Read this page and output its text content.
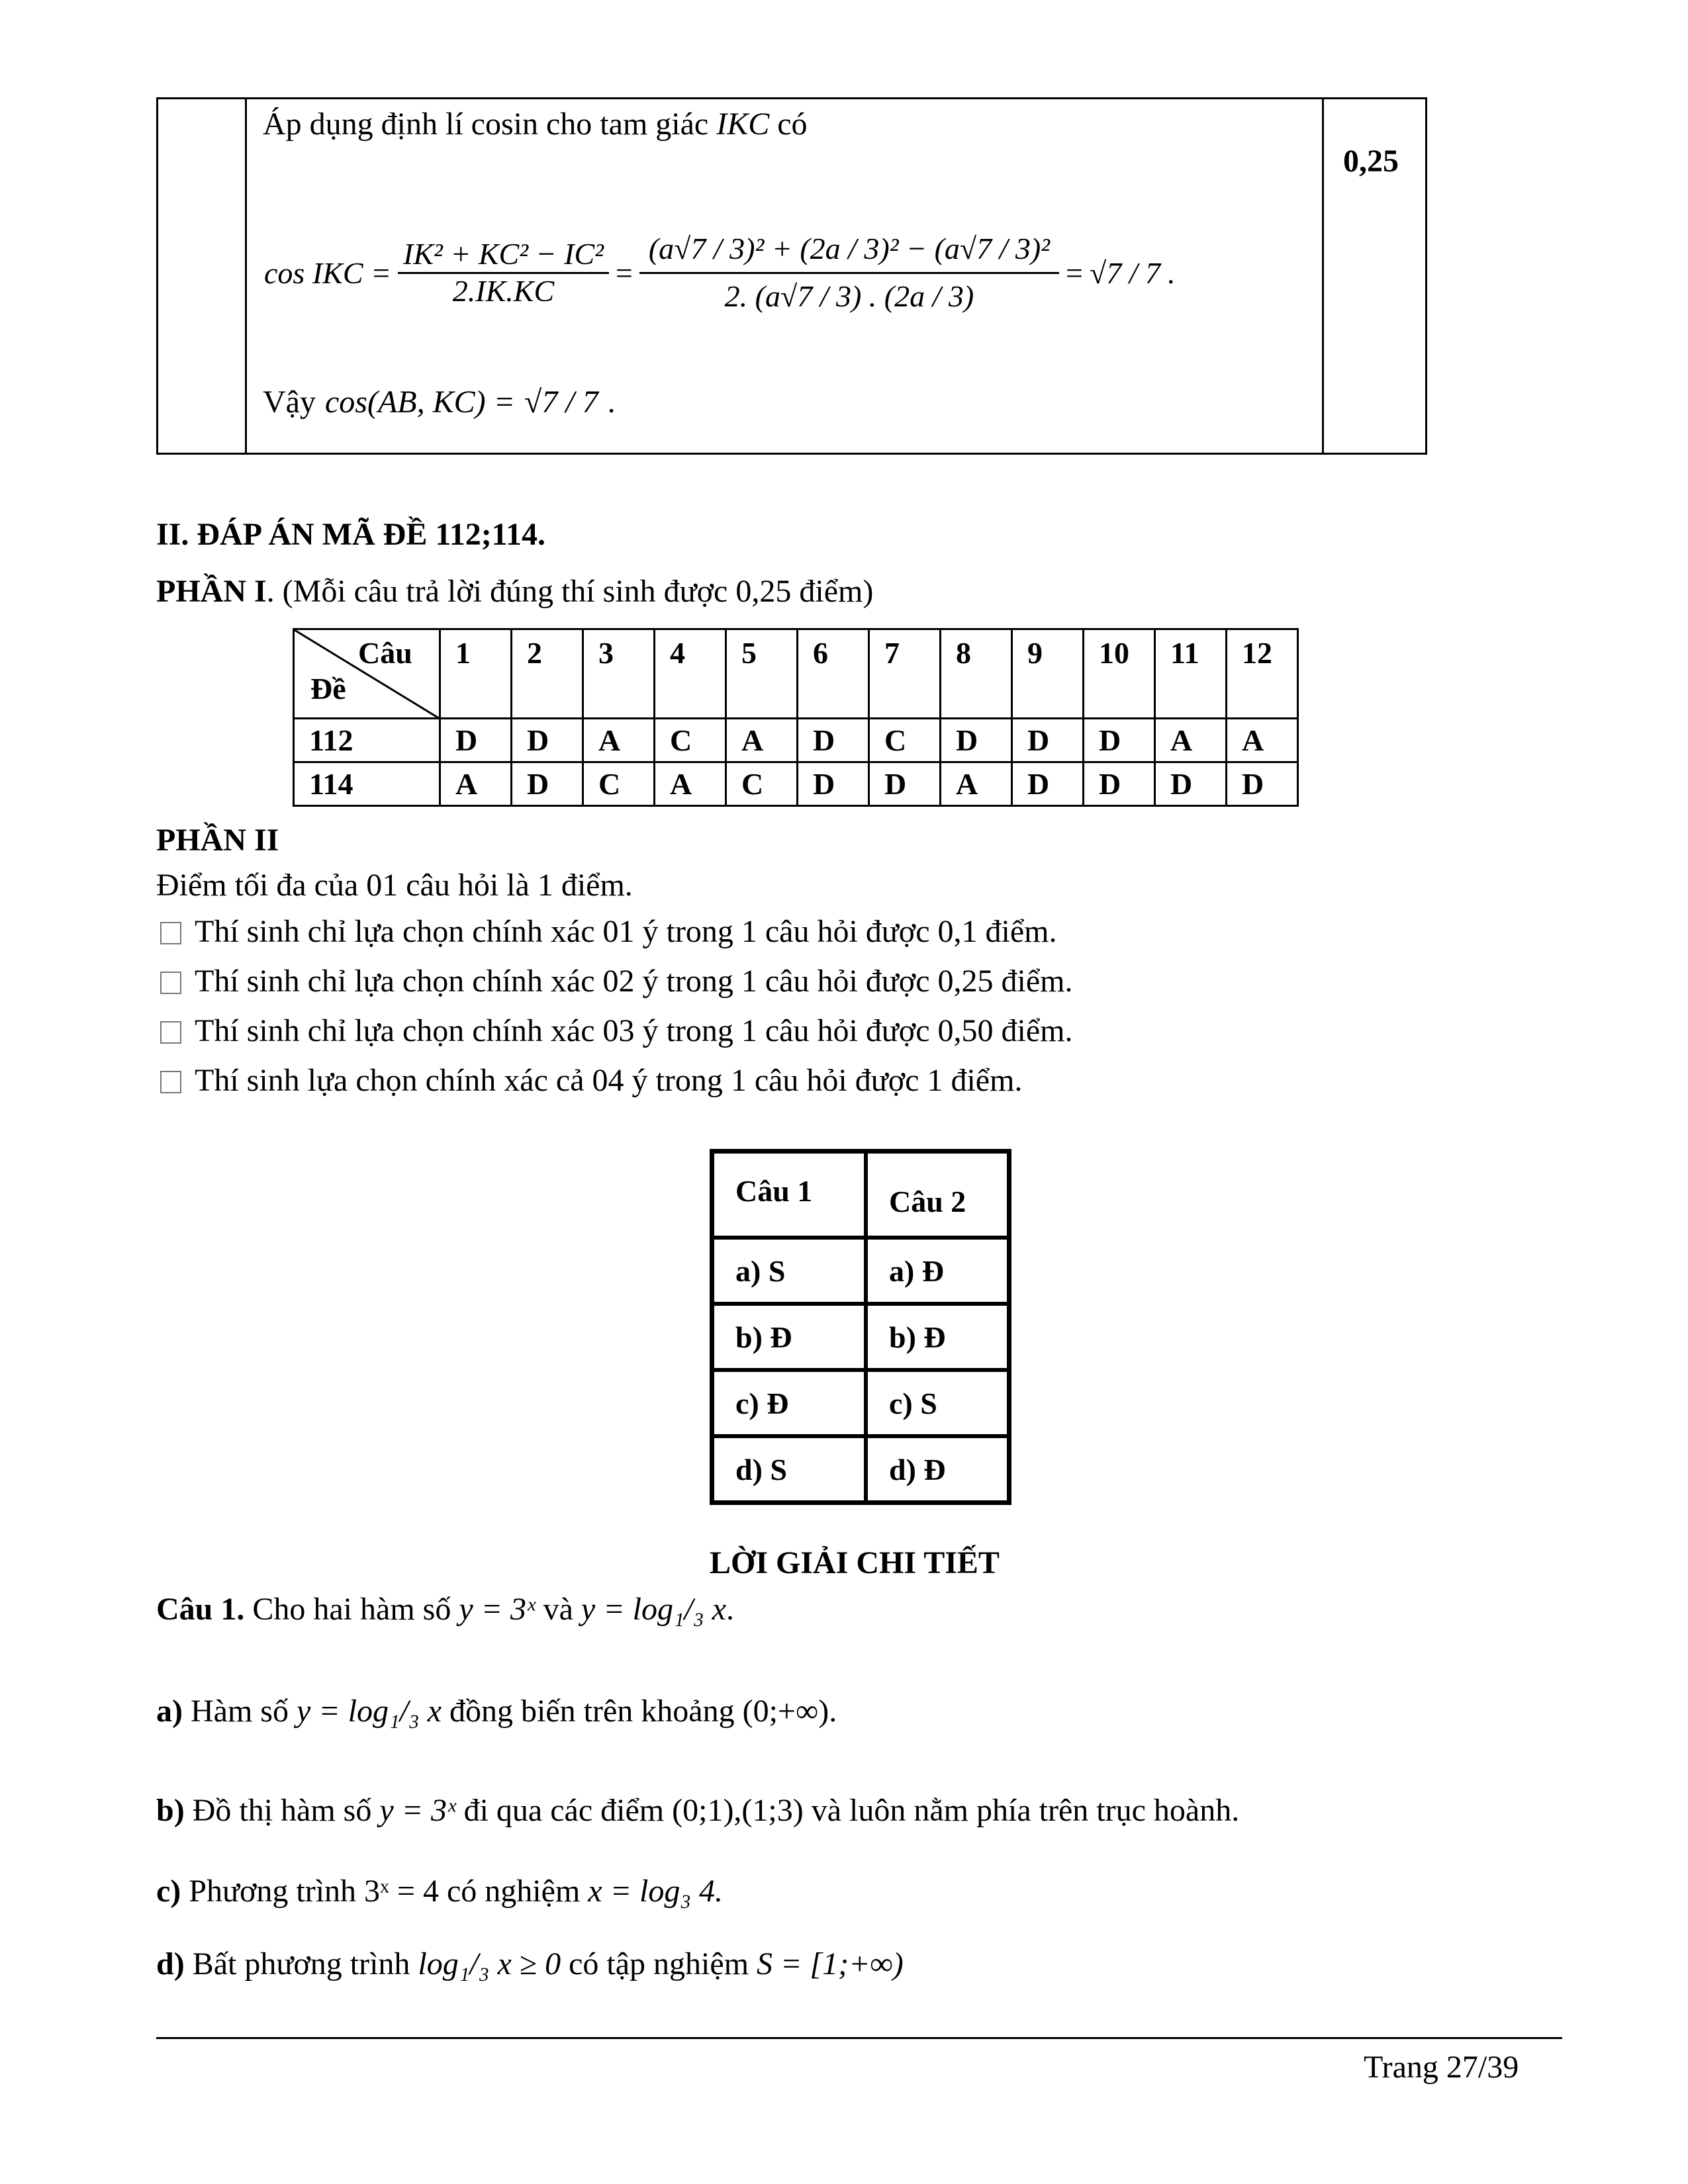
Áp dụng định lí cosin cho tam giác IKC có
0,25
cos IKC = $\frac{\text{IK² + KC² − IC²}}{2.IK.KC} = \frac{\text{(a√7 / 3)² + (2a / 3)² − (a√7 / 3)²}}{2. (a√7 / 3) . (2a / 3)} = √7 / 7$ .
Vậy cos(AB, KC) = √7 / 7 .
II. ĐÁP ÁN MÃ ĐỀ 112;114.
PHẦN I. (Mỗi câu trả lời đúng thí sinh được 0,25 điểm)
Câu
Đề	1	2	3	4	5	6	7	8	9	10	11	12
112	D	D	A	C	A	D	C	D	D	D	A	A
114	A	D	C	A	C	D	D	A	D	D	D	D
PHẦN II
Điểm tối đa của 01 câu hỏi là 1 điểm.
Thí sinh chỉ lựa chọn chính xác 01 ý trong 1 câu hỏi được 0,1 điểm.
Thí sinh chỉ lựa chọn chính xác 02 ý trong 1 câu hỏi được 0,25 điểm.
Thí sinh chỉ lựa chọn chính xác 03 ý trong 1 câu hỏi được 0,50 điểm.
Thí sinh lựa chọn chính xác cả 04 ý trong 1 câu hỏi được 1 điểm.
Câu 1	Câu 2
a) S	a) Đ
b) Đ	b) Đ
c) Đ	c) S
d) S	d) Đ
LỜI GIẢI CHI TIẾT
Câu 1. Cho hai hàm số y = 3ˣ và y = log₁/₃ x.
a) Hàm số y = log₁/₃ x đồng biến trên khoảng (0;+∞).
b) Đồ thị hàm số y = 3ˣ đi qua các điểm (0;1),(1;3) và luôn nằm phía trên trục hoành.
c) Phương trình 3ˣ = 4 có nghiệm x = log₃ 4.
d) Bất phương trình log₁/₃ x ≥ 0 có tập nghiệm S = [1;+∞)
Trang 27/39
